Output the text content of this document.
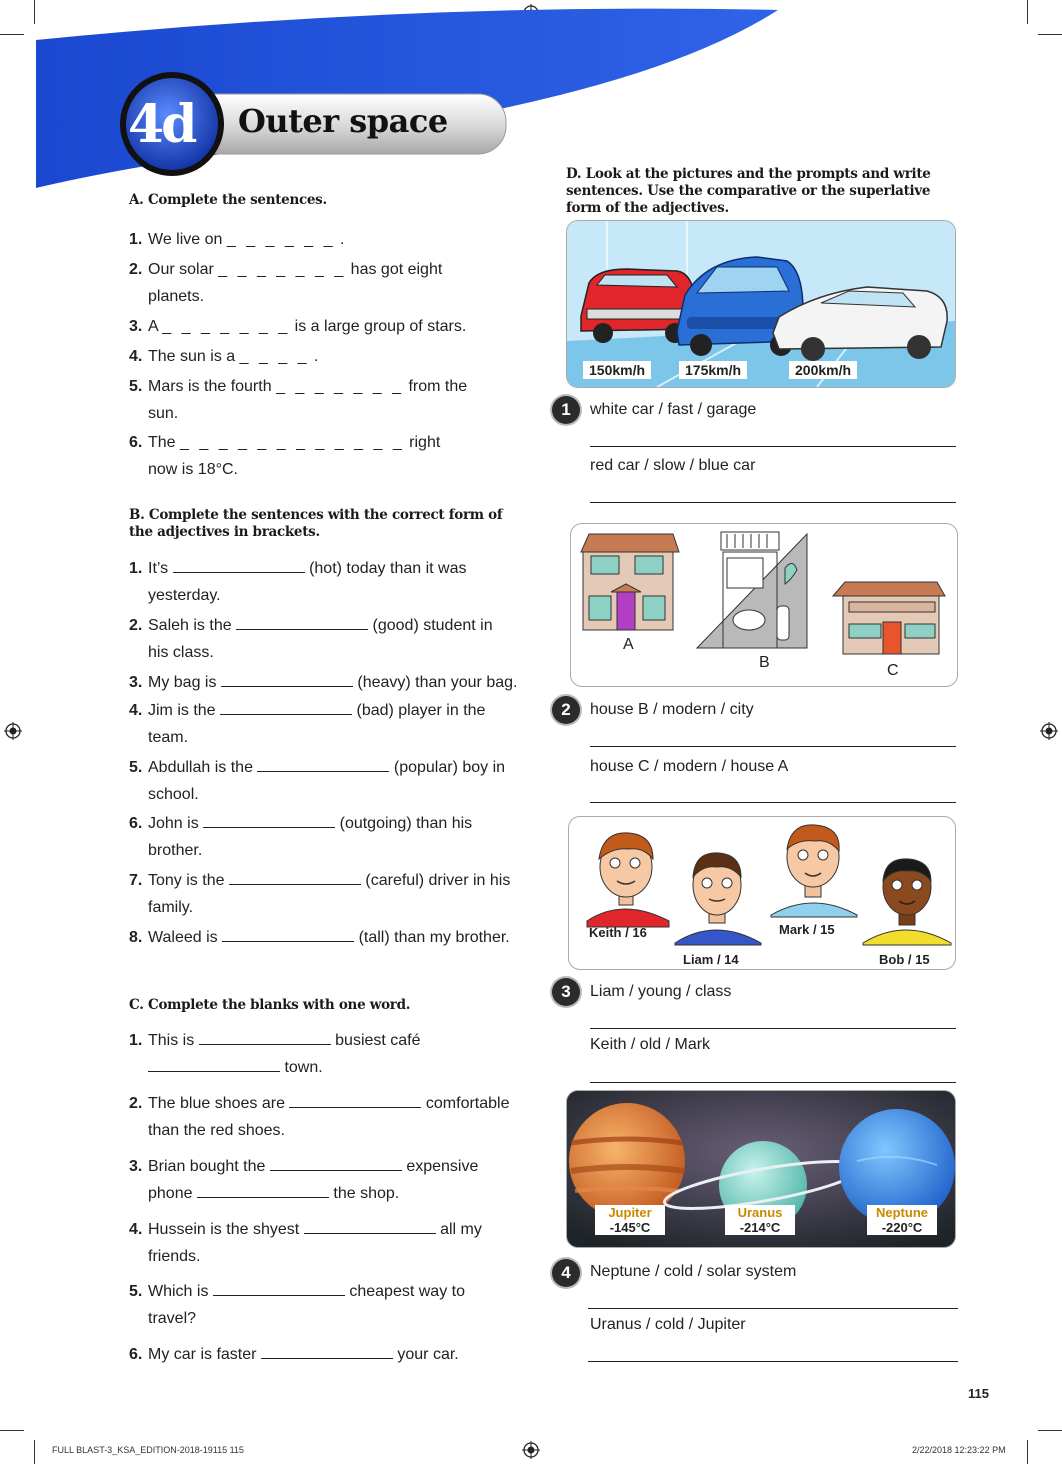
4d Outer space
A. Complete the sentences.
1. We live on _ _ _ _ _ _ .
2. Our solar _ _ _ _ _ _ _ has got eight
planets.
3. A _ _ _ _ _ _ _ is a large group of stars.
4. The sun is a _ _ _ _ .
5. Mars is the fourth _ _ _ _ _ _ _ from the
sun.
6. The _ _ _ _ _ _ _ _ _ _ _ _ right
now is 18°C.
B. Complete the sentences with the correct form of the adjectives in brackets.
1. It’s	(hot) today than it was
yesterday.
2. Saleh is the	(good) student in
his class.
3. My bag is	(heavy) than your bag.
4. Jim is the	(bad) player in the
team.
5. Abdullah is the	(popular) boy in
school.
6. John is	(outgoing) than his
brother.
7. Tony is the	(careful) driver in his
family.
8. Waleed is	(tall) than my brother.
C. Complete the blanks with one word.
1. This is	busiest café
town.
2. The blue shoes are	comfortable
than the red shoes.
3. Brian bought the	expensive
phone	the shop.
4. Hussein is the shyest	all my
friends.
5. Which is	cheapest way to
travel?
6. My car is faster	your car.
D. Look at the pictures and the prompts and write sentences. Use the comparative or the superlative form of the adjectives.
150km/h	175km/h	200km/h
1	white car / fast / garage
red car / slow / blue car
A
B	C
2	house B / modern / city
house C / modern / house A
Keith / 16
Liam / 14
Mark / 15
Bob / 15
3	Liam / young / class
Keith / old / Mark
Jupiter
-145°C
Uranus
-214°C
Neptune
-220°C
4	Neptune / cold / solar system
Uranus / cold / Jupiter
115
FULL BLAST-3_KSA_EDITION-2018-19115 115	2/22/2018 12:23:22 PM
